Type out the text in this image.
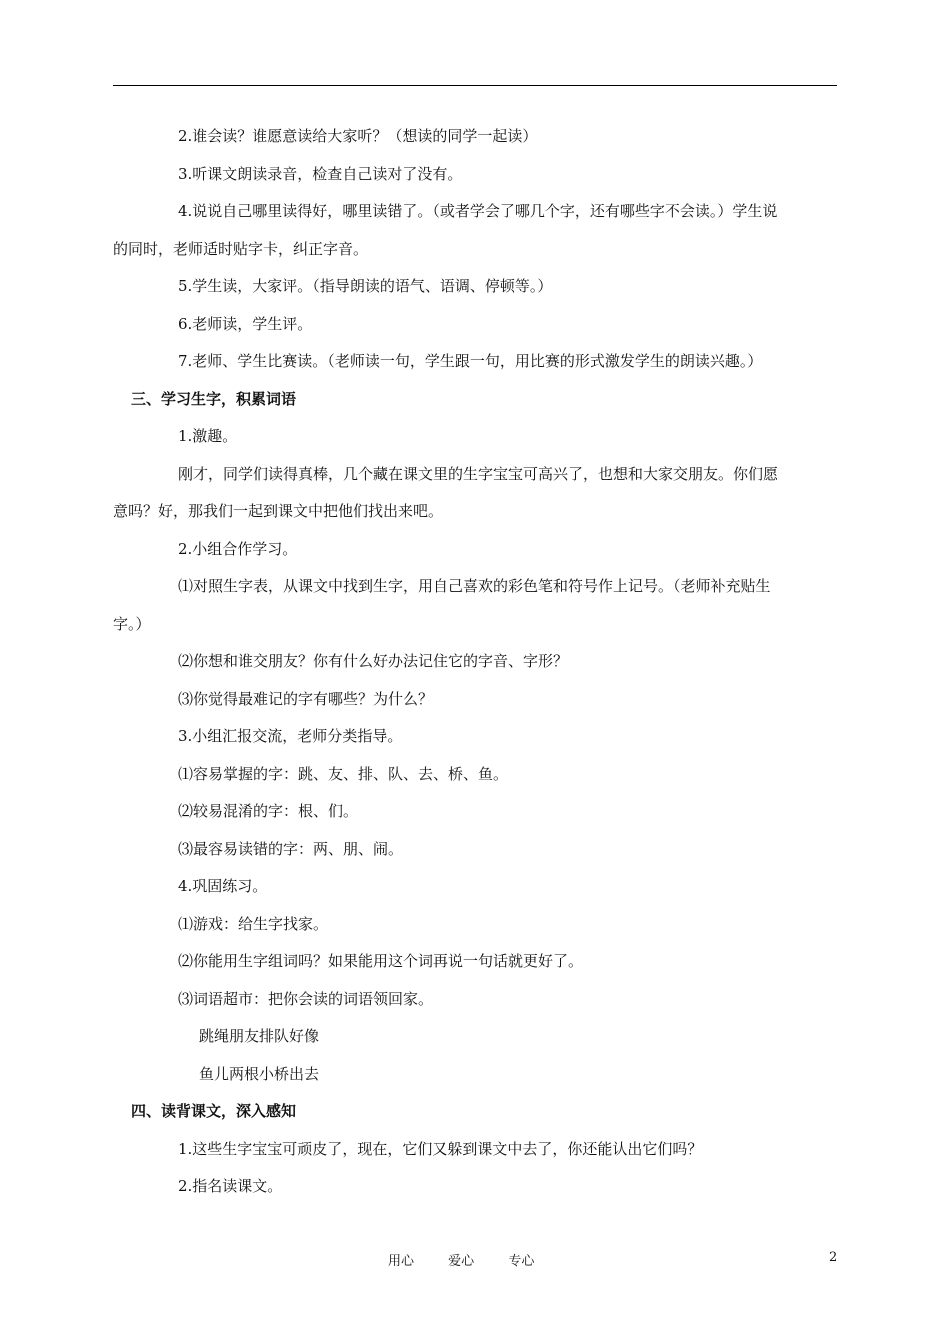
2.谁会读？谁愿意读给大家听？（想读的同学一起读）

3.听课文朗读录音，检查自己读对了没有。

4.说说自己哪里读得好，哪里读错了。（或者学会了哪几个字，还有哪些字不会读。）学生说

的同时，老师适时贴字卡，纠正字音。

5.学生读，大家评。（指导朗读的语气、语调、停顿等。）

6.老师读，学生评。

7.老师、学生比赛读。（老师读一句，学生跟一句，用比赛的形式激发学生的朗读兴趣。）

三、学习生字，积累词语

1.激趣。

刚才，同学们读得真棒，几个藏在课文里的生字宝宝可高兴了，也想和大家交朋友。你们愿

意吗？好，那我们一起到课文中把他们找出来吧。

2.小组合作学习。

⑴对照生字表，从课文中找到生字，用自己喜欢的彩色笔和符号作上记号。（老师补充贴生

字。）

⑵你想和谁交朋友？你有什么好办法记住它的字音、字形？

⑶你觉得最难记的字有哪些？为什么？

3.小组汇报交流，老师分类指导。

⑴容易掌握的字：跳、友、排、队、去、桥、鱼。

⑵较易混淆的字：根、们。

⑶最容易读错的字：两、朋、闹。

4.巩固练习。

⑴游戏：给生字找家。

⑵你能用生字组词吗？如果能用这个词再说一句话就更好了。

⑶词语超市：把你会读的词语领回家。

跳绳朋友排队好像

鱼儿两根小桥出去

四、读背课文，深入感知

1.这些生字宝宝可顽皮了，现在，它们又躲到课文中去了，你还能认出它们吗？

2.指名读课文。

用心	爱心	专心	2
